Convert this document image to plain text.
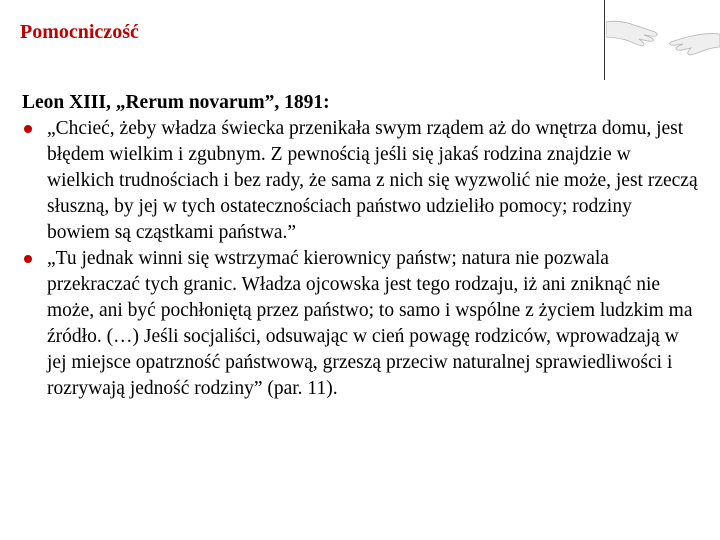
Pomocniczość

Leon XIII, „Rerum novarum”, 1891:

„Chcieć, żeby władza świecka przenikała swym rządem aż do wnętrza domu, jest błędem wielkim i zgubnym. Z pewnością jeśli się jakaś rodzina znajdzie w wielkich trudnościach i bez rady, że sama z nich się wyzwolić nie może, jest rzeczą słuszną, by jej w tych ostatecznościach państwo udzieliło pomocy; rodziny bowiem są cząstkami państwa.”
„Tu jednak winni się wstrzymać kierownicy państw; natura nie pozwala przekraczać tych granic. Władza ojcowska jest tego rodzaju, iż ani zniknąć nie może, ani być pochłoniętą przez państwo; to samo i wspólne z życiem ludzkim ma źródło. (…) Jeśli socjaliści, odsuwając w cień powagę rodziców, wprowadzają w jej miejsce opatrzność państwową, grzeszą przeciw naturalnej sprawiedliwości i rozrywają jedność rodziny” (par. 11).
